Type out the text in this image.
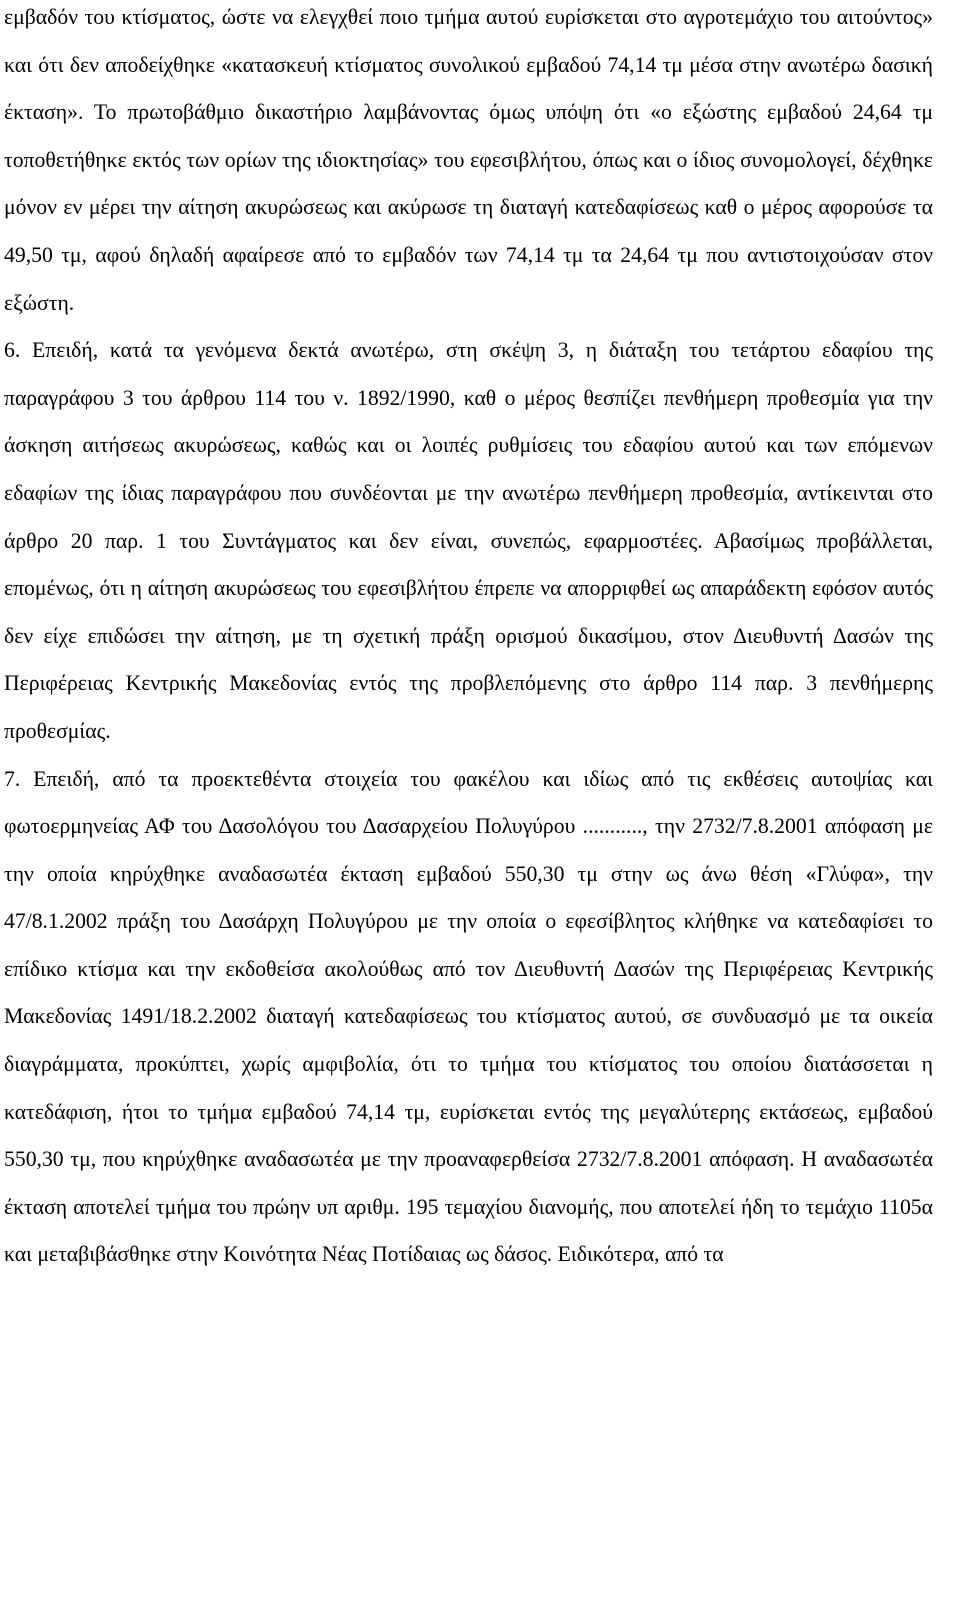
εμβαδόν του κτίσματος, ώστε να ελεγχθεί ποιο τμήμα αυτού ευρίσκεται στο αγροτεμάχιο του αιτούντος» και ότι δεν αποδείχθηκε «κατασκευή κτίσματος συνολικού εμβαδού 74,14 τμ μέσα στην ανωτέρω δασική έκταση». Το πρωτοβάθμιο δικαστήριο λαμβάνοντας όμως υπόψη ότι «ο εξώστης εμβαδού 24,64 τμ τοποθετήθηκε εκτός των ορίων της ιδιοκτησίας» του εφεσιβλήτου, όπως και ο ίδιος συνομολογεί, δέχθηκε μόνον εν μέρει την αίτηση ακυρώσεως και ακύρωσε τη διαταγή κατεδαφίσεως καθ ο μέρος αφορούσε τα 49,50 τμ, αφού δηλαδή αφαίρεσε από το εμβαδόν των 74,14 τμ τα 24,64 τμ που αντιστοιχούσαν στον εξώστη.

6. Επειδή, κατά τα γενόμενα δεκτά ανωτέρω, στη σκέψη 3, η διάταξη του τετάρτου εδαφίου της παραγράφου 3 του άρθρου 114 του ν. 1892/1990, καθ ο μέρος θεσπίζει πενθήμερη προθεσμία για την άσκηση αιτήσεως ακυρώσεως, καθώς και οι λοιπές ρυθμίσεις του εδαφίου αυτού και των επόμενων εδαφίων της ίδιας παραγράφου που συνδέονται με την ανωτέρω πενθήμερη προθεσμία, αντίκεινται στο άρθρο 20 παρ. 1 του Συντάγματος και δεν είναι, συνεπώς, εφαρμοστέες. Αβασίμως προβάλλεται, επομένως, ότι η αίτηση ακυρώσεως του εφεσιβλήτου έπρεπε να απορριφθεί ως απαράδεκτη εφόσον αυτός δεν είχε επιδώσει την αίτηση, με τη σχετική πράξη ορισμού δικασίμου, στον Διευθυντή Δασών της Περιφέρειας Κεντρικής Μακεδονίας εντός της προβλεπόμενης στο άρθρο 114 παρ. 3 πενθήμερης προθεσμίας.

7. Επειδή, από τα προεκτεθέντα στοιχεία του φακέλου και ιδίως από τις εκθέσεις αυτοψίας και φωτοερμηνείας ΑΦ του Δασολόγου του Δασαρχείου Πολυγύρου ..........., την 2732/7.8.2001 απόφαση με την οποία κηρύχθηκε αναδασωτέα έκταση εμβαδού 550,30 τμ στην ως άνω θέση «Γλύφα», την 47/8.1.2002 πράξη του Δασάρχη Πολυγύρου με την οποία ο εφεσίβλητος κλήθηκε να κατεδαφίσει το επίδικο κτίσμα και την εκδοθείσα ακολούθως από τον Διευθυντή Δασών της Περιφέρειας Κεντρικής Μακεδονίας 1491/18.2.2002 διαταγή κατεδαφίσεως του κτίσματος αυτού, σε συνδυασμό με τα οικεία διαγράμματα, προκύπτει, χωρίς αμφιβολία, ότι το τμήμα του κτίσματος του οποίου διατάσσεται η κατεδάφιση, ήτοι το τμήμα εμβαδού 74,14 τμ, ευρίσκεται εντός της μεγαλύτερης εκτάσεως, εμβαδού 550,30 τμ, που κηρύχθηκε αναδασωτέα με την προαναφερθείσα 2732/7.8.2001 απόφαση. Η αναδασωτέα έκταση αποτελεί τμήμα του πρώην υπ αριθμ. 195 τεμαχίου διανομής, που αποτελεί ήδη το τεμάχιο 1105α και μεταβιβάσθηκε στην Κοινότητα Νέας Ποτίδαιας ως δάσος. Ειδικότερα, από τα
